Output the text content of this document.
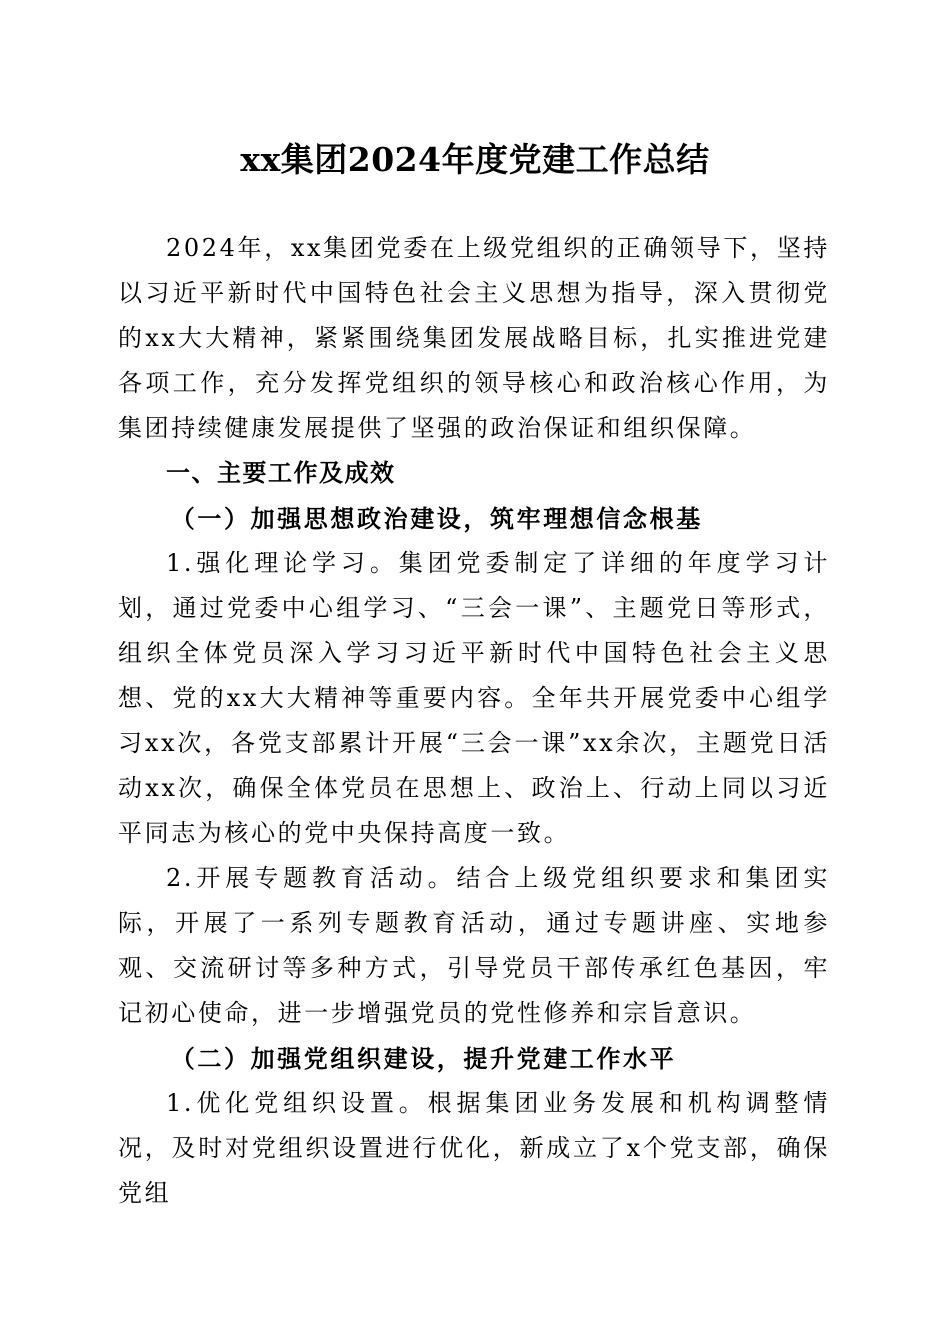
xx集团2024年度党建工作总结

2024年，xx集团党委在上级党组织的正确领导下，坚持以习近平新时代中国特色社会主义思想为指导，深入贯彻党的xx大大精神，紧紧围绕集团发展战略目标，扎实推进党建各项工作，充分发挥党组织的领导核心和政治核心作用，为集团持续健康发展提供了坚强的政治保证和组织保障。

一、主要工作及成效

（一）加强思想政治建设，筑牢理想信念根基

1.强化理论学习。集团党委制定了详细的年度学习计划，通过党委中心组学习、“三会一课”、主题党日等形式，组织全体党员深入学习习近平新时代中国特色社会主义思想、党的xx大大精神等重要内容。全年共开展党委中心组学习xx次，各党支部累计开展“三会一课”xx余次，主题党日活动xx次，确保全体党员在思想上、政治上、行动上同以习近平同志为核心的党中央保持高度一致。

2.开展专题教育活动。结合上级党组织要求和集团实际，开展了一系列专题教育活动，通过专题讲座、实地参观、交流研讨等多种方式，引导党员干部传承红色基因，牢记初心使命，进一步增强党员的党性修养和宗旨意识。

（二）加强党组织建设，提升党建工作水平

1.优化党组织设置。根据集团业务发展和机构调整情况，及时对党组织设置进行优化，新成立了x个党支部，确保党组
